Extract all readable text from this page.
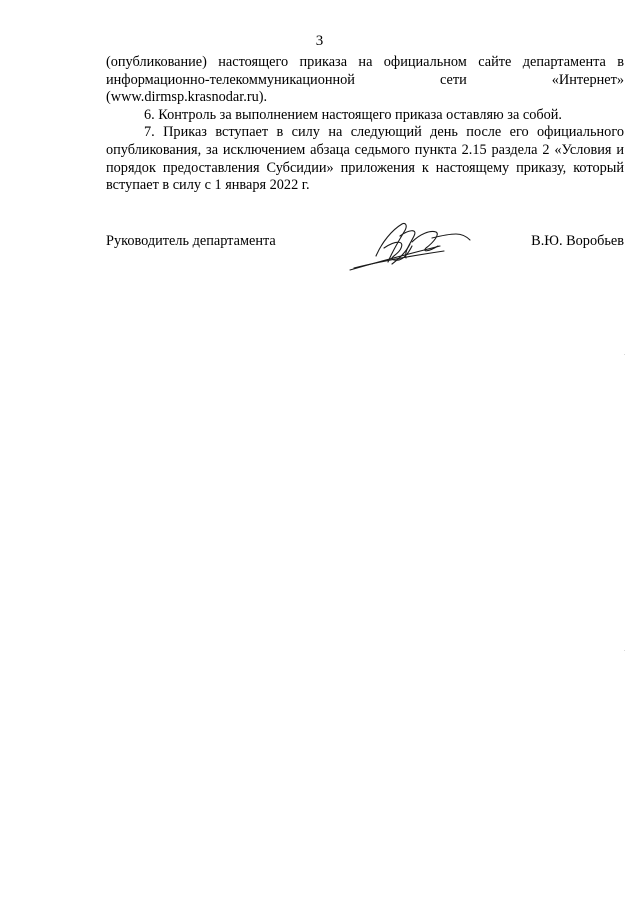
3

(опубликование) настоящего приказа на официальном сайте департамента в информационно-телекоммуникационной сети «Интернет» (www.dirmsp.krasnodar.ru).

6. Контроль за выполнением настоящего приказа оставляю за собой.

7. Приказ вступает в силу на следующий день после его официального опубликования, за исключением абзаца седьмого пункта 2.15 раздела 2 «Условия и порядок предоставления Субсидии» приложения к настоящему приказу, который вступает в силу с 1 января 2022 г.

Руководитель департамента	В.Ю. Воробьев
